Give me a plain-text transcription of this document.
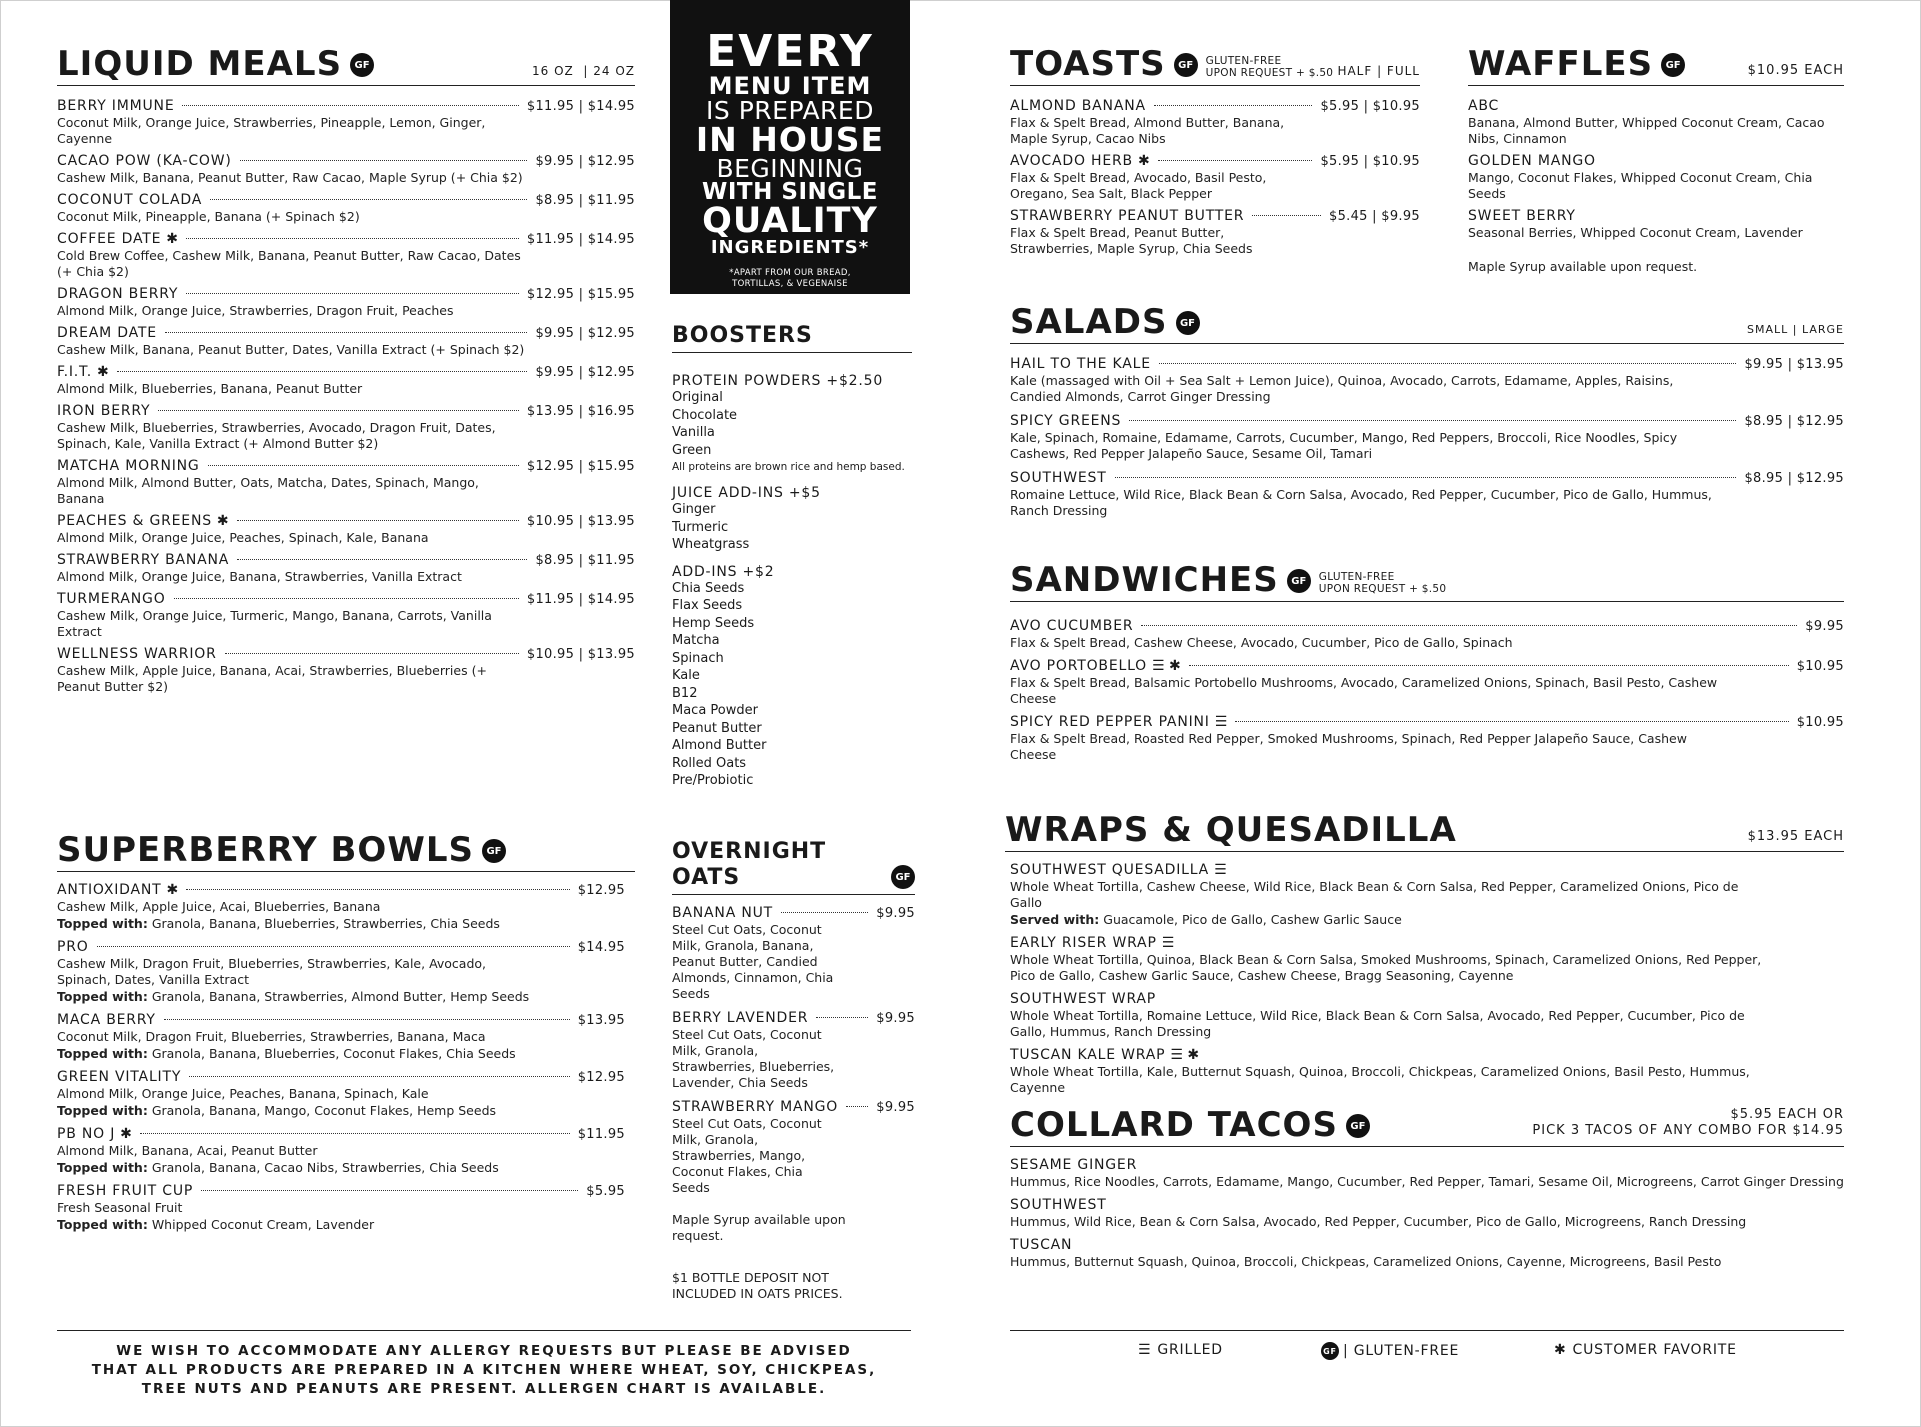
LIQUID MEALS	GF	16 OZ  | 24 OZ
BERRY IMMUNE	$11.95 | $14.95
Coconut Milk, Orange Juice, Strawberries, Pineapple, Lemon, Ginger, Cayenne
CACAO POW (KA-COW)	$9.95 | $12.95
Cashew Milk, Banana, Peanut Butter, Raw Cacao, Maple Syrup (+ Chia $2)
COCONUT COLADA	$8.95 | $11.95
Coconut Milk, Pineapple, Banana (+ Spinach $2)
COFFEE DATE ✱	$11.95 | $14.95
Cold Brew Coffee, Cashew Milk, Banana, Peanut Butter, Raw Cacao, Dates (+ Chia $2)
DRAGON BERRY	$12.95 | $15.95
Almond Milk, Orange Juice, Strawberries, Dragon Fruit, Peaches
DREAM DATE	$9.95 | $12.95
Cashew Milk, Banana, Peanut Butter, Dates, Vanilla Extract (+ Spinach $2)
F.I.T. ✱	$9.95 | $12.95
Almond Milk, Blueberries, Banana, Peanut Butter
IRON BERRY	$13.95 | $16.95
Cashew Milk, Blueberries, Strawberries, Avocado, Dragon Fruit, Dates, Spinach, Kale, Vanilla Extract (+ Almond Butter $2)
MATCHA MORNING	$12.95 | $15.95
Almond Milk, Almond Butter, Oats, Matcha, Dates, Spinach, Mango, Banana
PEACHES & GREENS ✱	$10.95 | $13.95
Almond Milk, Orange Juice, Peaches, Spinach, Kale, Banana
STRAWBERRY BANANA	$8.95 | $11.95
Almond Milk, Orange Juice, Banana, Strawberries, Vanilla Extract
TURMERANGO	$11.95 | $14.95
Cashew Milk, Orange Juice, Turmeric, Mango, Banana, Carrots, Vanilla Extract
WELLNESS WARRIOR	$10.95 | $13.95
Cashew Milk, Apple Juice, Banana, Acai, Strawberries, Blueberries (+ Peanut Butter $2)
EVERY
MENU ITEM
IS PREPARED
IN HOUSE
BEGINNING
WITH SINGLE
QUALITY
INGREDIENTS*
*APART FROM OUR BREAD,
TORTILLAS, & VEGENAISE
BOOSTERS
PROTEIN POWDERS +$2.50
Original
Chocolate
Vanilla
Green
All proteins are brown rice and hemp based.
JUICE ADD-INS +$5
Ginger
Turmeric
Wheatgrass
ADD-INS +$2
Chia Seeds
Flax Seeds
Hemp Seeds
Matcha
Spinach
Kale
B12
Maca Powder
Peanut Butter
Almond Butter
Rolled Oats
Pre/Probiotic
SUPERBERRY BOWLS	GF
ANTIOXIDANT ✱	$12.95
Cashew Milk, Apple Juice, Acai, Blueberries, Banana
Topped with: Granola, Banana, Blueberries, Strawberries, Chia Seeds
PRO	$14.95
Cashew Milk, Dragon Fruit, Blueberries, Strawberries, Kale, Avocado, Spinach, Dates, Vanilla Extract
Topped with: Granola, Banana, Strawberries, Almond Butter, Hemp Seeds
MACA BERRY	$13.95
Coconut Milk, Dragon Fruit, Blueberries, Strawberries, Banana, Maca
Topped with: Granola, Banana, Blueberries, Coconut Flakes, Chia Seeds
GREEN VITALITY	$12.95
Almond Milk, Orange Juice, Peaches, Banana, Spinach, Kale
Topped with: Granola, Banana, Mango, Coconut Flakes, Hemp Seeds
PB NO J ✱	$11.95
Almond Milk, Banana, Acai, Peanut Butter
Topped with: Granola, Banana, Cacao Nibs, Strawberries, Chia Seeds
FRESH FRUIT CUP	$5.95
Fresh Seasonal Fruit
Topped with: Whipped Coconut Cream, Lavender
OVERNIGHT OATS	GF
BANANA NUT	$9.95
Steel Cut Oats, Coconut Milk, Granola, Banana, Peanut Butter, Candied Almonds, Cinnamon, Chia Seeds
BERRY LAVENDER	$9.95
Steel Cut Oats, Coconut Milk, Granola, Strawberries, Blueberries, Lavender, Chia Seeds
STRAWBERRY MANGO	$9.95
Steel Cut Oats, Coconut Milk, Granola, Strawberries, Mango, Coconut Flakes, Chia Seeds
Maple Syrup available upon request.
$1 BOTTLE DEPOSIT NOT INCLUDED IN OATS PRICES.
TOASTS	GF	GLUTEN-FREE
UPON REQUEST + $.50 HALF | FULL
ALMOND BANANA	$5.95 | $10.95
Flax & Spelt Bread, Almond Butter, Banana, Maple Syrup, Cacao Nibs
AVOCADO HERB ✱	$5.95 | $10.95
Flax & Spelt Bread, Avocado, Basil Pesto, Oregano, Sea Salt, Black Pepper
STRAWBERRY PEANUT BUTTER	$5.45 | $9.95
Flax & Spelt Bread, Peanut Butter, Strawberries, Maple Syrup, Chia Seeds
WAFFLES	GF	$10.95 EACH
ABC
Banana, Almond Butter, Whipped Coconut Cream, Cacao Nibs, Cinnamon
GOLDEN MANGO
Mango, Coconut Flakes, Whipped Coconut Cream, Chia Seeds
SWEET BERRY
Seasonal Berries, Whipped Coconut Cream, Lavender
Maple Syrup available upon request.
SALADS	GF	SMALL | LARGE
HAIL TO THE KALE	$9.95 | $13.95
Kale (massaged with Oil + Sea Salt + Lemon Juice), Quinoa, Avocado, Carrots, Edamame, Apples, Raisins, Candied Almonds, Carrot Ginger Dressing
SPICY GREENS	$8.95 | $12.95
Kale, Spinach, Romaine, Edamame, Carrots, Cucumber, Mango, Red Peppers, Broccoli, Rice Noodles, Spicy Cashews, Red Pepper Jalapeño Sauce, Sesame Oil, Tamari
SOUTHWEST	$8.95 | $12.95
Romaine Lettuce, Wild Rice, Black Bean & Corn Salsa, Avocado, Red Pepper, Cucumber, Pico de Gallo, Hummus, Ranch Dressing
SANDWICHES	GF	GLUTEN-FREE
UPON REQUEST + $.50
AVO CUCUMBER	$9.95
Flax & Spelt Bread, Cashew Cheese, Avocado, Cucumber, Pico de Gallo, Spinach
AVO PORTOBELLO ☰ ✱	$10.95
Flax & Spelt Bread, Balsamic Portobello Mushrooms, Avocado, Caramelized Onions, Spinach, Basil Pesto, Cashew Cheese
SPICY RED PEPPER PANINI ☰	$10.95
Flax & Spelt Bread, Roasted Red Pepper, Smoked Mushrooms, Spinach, Red Pepper Jalapeño Sauce, Cashew Cheese
WRAPS & QUESADILLA	$13.95 EACH
SOUTHWEST QUESADILLA ☰
Whole Wheat Tortilla, Cashew Cheese, Wild Rice, Black Bean & Corn Salsa, Red Pepper, Caramelized Onions, Pico de Gallo
Served with: Guacamole, Pico de Gallo, Cashew Garlic Sauce
EARLY RISER WRAP ☰
Whole Wheat Tortilla, Quinoa, Black Bean & Corn Salsa, Smoked Mushrooms, Spinach, Caramelized Onions, Red Pepper, Pico de Gallo, Cashew Garlic Sauce, Cashew Cheese, Bragg Seasoning, Cayenne
SOUTHWEST WRAP
Whole Wheat Tortilla, Romaine Lettuce, Wild Rice, Black Bean & Corn Salsa, Avocado, Red Pepper, Cucumber, Pico de Gallo, Hummus, Ranch Dressing
TUSCAN KALE WRAP ☰ ✱
Whole Wheat Tortilla, Kale, Butternut Squash, Quinoa, Broccoli, Chickpeas, Caramelized Onions, Basil Pesto, Hummus, Cayenne
COLLARD TACOS	GF
$5.95 EACH OR
PICK 3 TACOS OF ANY COMBO FOR $14.95
SESAME GINGER
Hummus, Rice Noodles, Carrots, Edamame, Mango, Cucumber, Red Pepper, Tamari, Sesame Oil, Microgreens, Carrot Ginger Dressing
SOUTHWEST
Hummus, Wild Rice, Bean & Corn Salsa, Avocado, Red Pepper, Cucumber, Pico de Gallo, Microgreens, Ranch Dressing
TUSCAN
Hummus, Butternut Squash, Quinoa, Broccoli, Chickpeas, Caramelized Onions, Cayenne, Microgreens, Basil Pesto
WE WISH TO ACCOMMODATE ANY ALLERGY REQUESTS BUT PLEASE BE ADVISED
THAT ALL PRODUCTS ARE PREPARED IN A KITCHEN WHERE WHEAT, SOY, CHICKPEAS,
TREE NUTS AND PEANUTS ARE PRESENT. ALLERGEN CHART IS AVAILABLE.
☰ GRILLED	GF | GLUTEN-FREE	✱ CUSTOMER FAVORITE
